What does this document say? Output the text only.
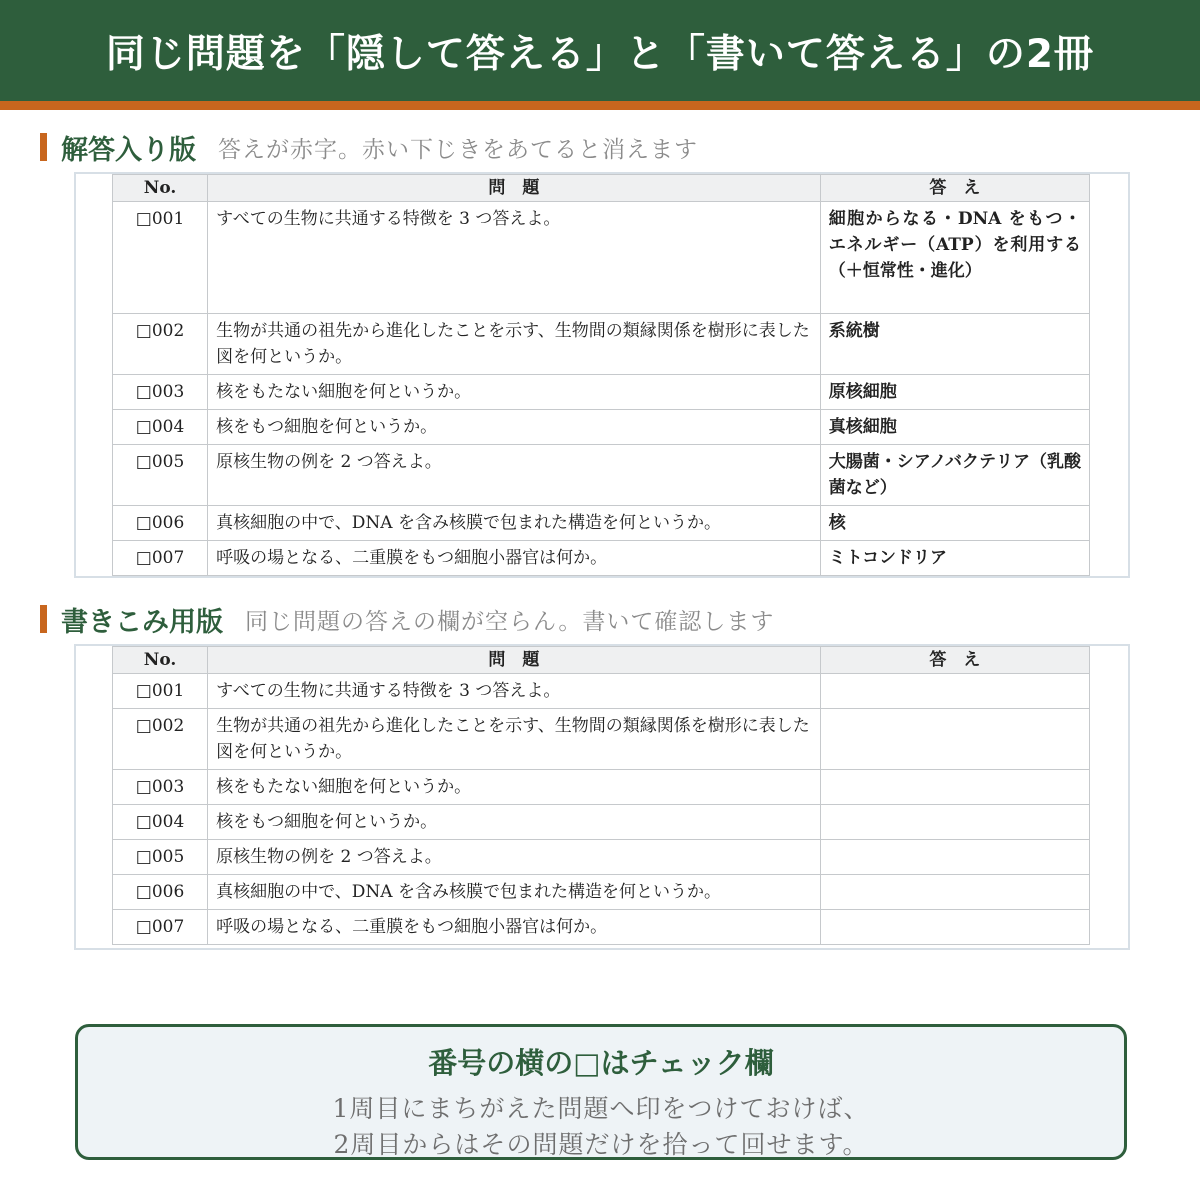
同じ問題を「隠して答える」と「書いて答える」の2冊
解答入り版 答えが赤字。赤い下じきをあてると消えます
No.	問　題	答　え
□001	すべての生物に共通する特徴を 3 つ答えよ。	細胞からなる・DNA をもつ・エネルギー（ATP）を利用する（＋恒常性・進化）
□002	生物が共通の祖先から進化したことを示す、生物間の類縁関係を樹形に表した図を何というか。	系統樹
□003	核をもたない細胞を何というか。	原核細胞
□004	核をもつ細胞を何というか。	真核細胞
□005	原核生物の例を 2 つ答えよ。	大腸菌・シアノバクテリア（乳酸菌など）
□006	真核細胞の中で、DNA を含み核膜で包まれた構造を何というか。	核
□007	呼吸の場となる、二重膜をもつ細胞小器官は何か。	ミトコンドリア
書きこみ用版 同じ問題の答えの欄が空らん。書いて確認します
No.	問　題	答　え
□001	すべての生物に共通する特徴を 3 つ答えよ。	
□002	生物が共通の祖先から進化したことを示す、生物間の類縁関係を樹形に表した図を何というか。	
□003	核をもたない細胞を何というか。	
□004	核をもつ細胞を何というか。	
□005	原核生物の例を 2 つ答えよ。	
□006	真核細胞の中で、DNA を含み核膜で包まれた構造を何というか。	
□007	呼吸の場となる、二重膜をもつ細胞小器官は何か。	
番号の横の□はチェック欄
1周目にまちがえた問題へ印をつけておけば、
2周目からはその問題だけを拾って回せます。
